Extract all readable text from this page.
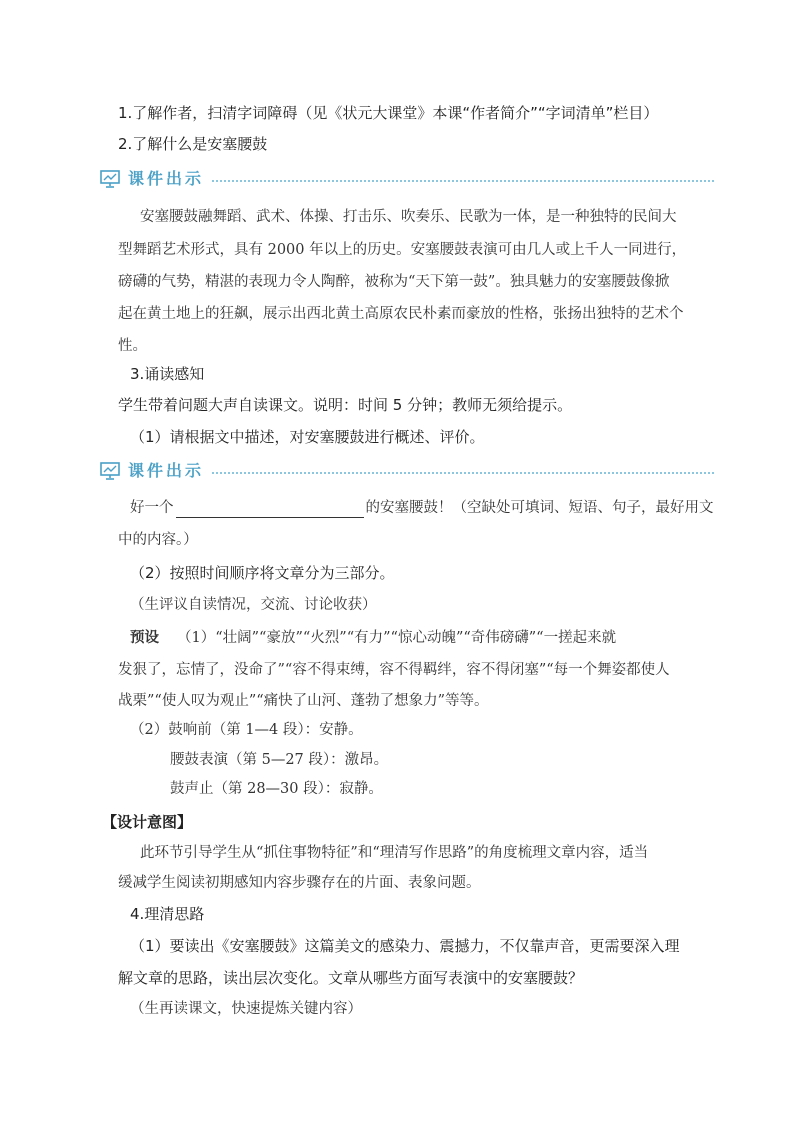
1.了解作者，扫清字词障碍（见《状元大课堂》本课“作者简介”“字词清单”栏目）
2.了解什么是安塞腰鼓
课件出示
安塞腰鼓融舞蹈、武术、体操、打击乐、吹奏乐、民歌为一体，是一种独特的民间大
型舞蹈艺术形式，具有 2000 年以上的历史。安塞腰鼓表演可由几人或上千人一同进行，
磅礴的气势，精湛的表现力令人陶醉，被称为“天下第一鼓”。独具魅力的安塞腰鼓像掀
起在黄土地上的狂飙，展示出西北黄土高原农民朴素而豪放的性格，张扬出独特的艺术个
性。
3.诵读感知
学生带着问题大声自读课文。说明：时间 5 分钟；教师无须给提示。
（1）请根据文中描述，对安塞腰鼓进行概述、评价。
课件出示
好一个	的安塞腰鼓！（空缺处可填词、短语、句子，最好用文
中的内容。）
（2）按照时间顺序将文章分为三部分。
（生评议自读情况，交流、讨论收获）
预设 （1）“壮阔”“豪放”“火烈”“有力”“惊心动魄”“奇伟磅礴”“一搓起来就
发狠了，忘情了，没命了”“容不得束缚，容不得羁绊，容不得闭塞”“每一个舞姿都使人
战栗”“使人叹为观止”“痛快了山河、蓬勃了想象力”等等。
（2）鼓响前（第 1—4 段）：安静。
腰鼓表演（第 5—27 段）：激昂。
鼓声止（第 28—30 段）：寂静。
【设计意图】
此环节引导学生从“抓住事物特征”和“理清写作思路”的角度梳理文章内容，适当
缓减学生阅读初期感知内容步骤存在的片面、表象问题。
4.理清思路
（1）要读出《安塞腰鼓》这篇美文的感染力、震撼力，不仅靠声音，更需要深入理
解文章的思路，读出层次变化。文章从哪些方面写表演中的安塞腰鼓？
（生再读课文，快速提炼关键内容）
